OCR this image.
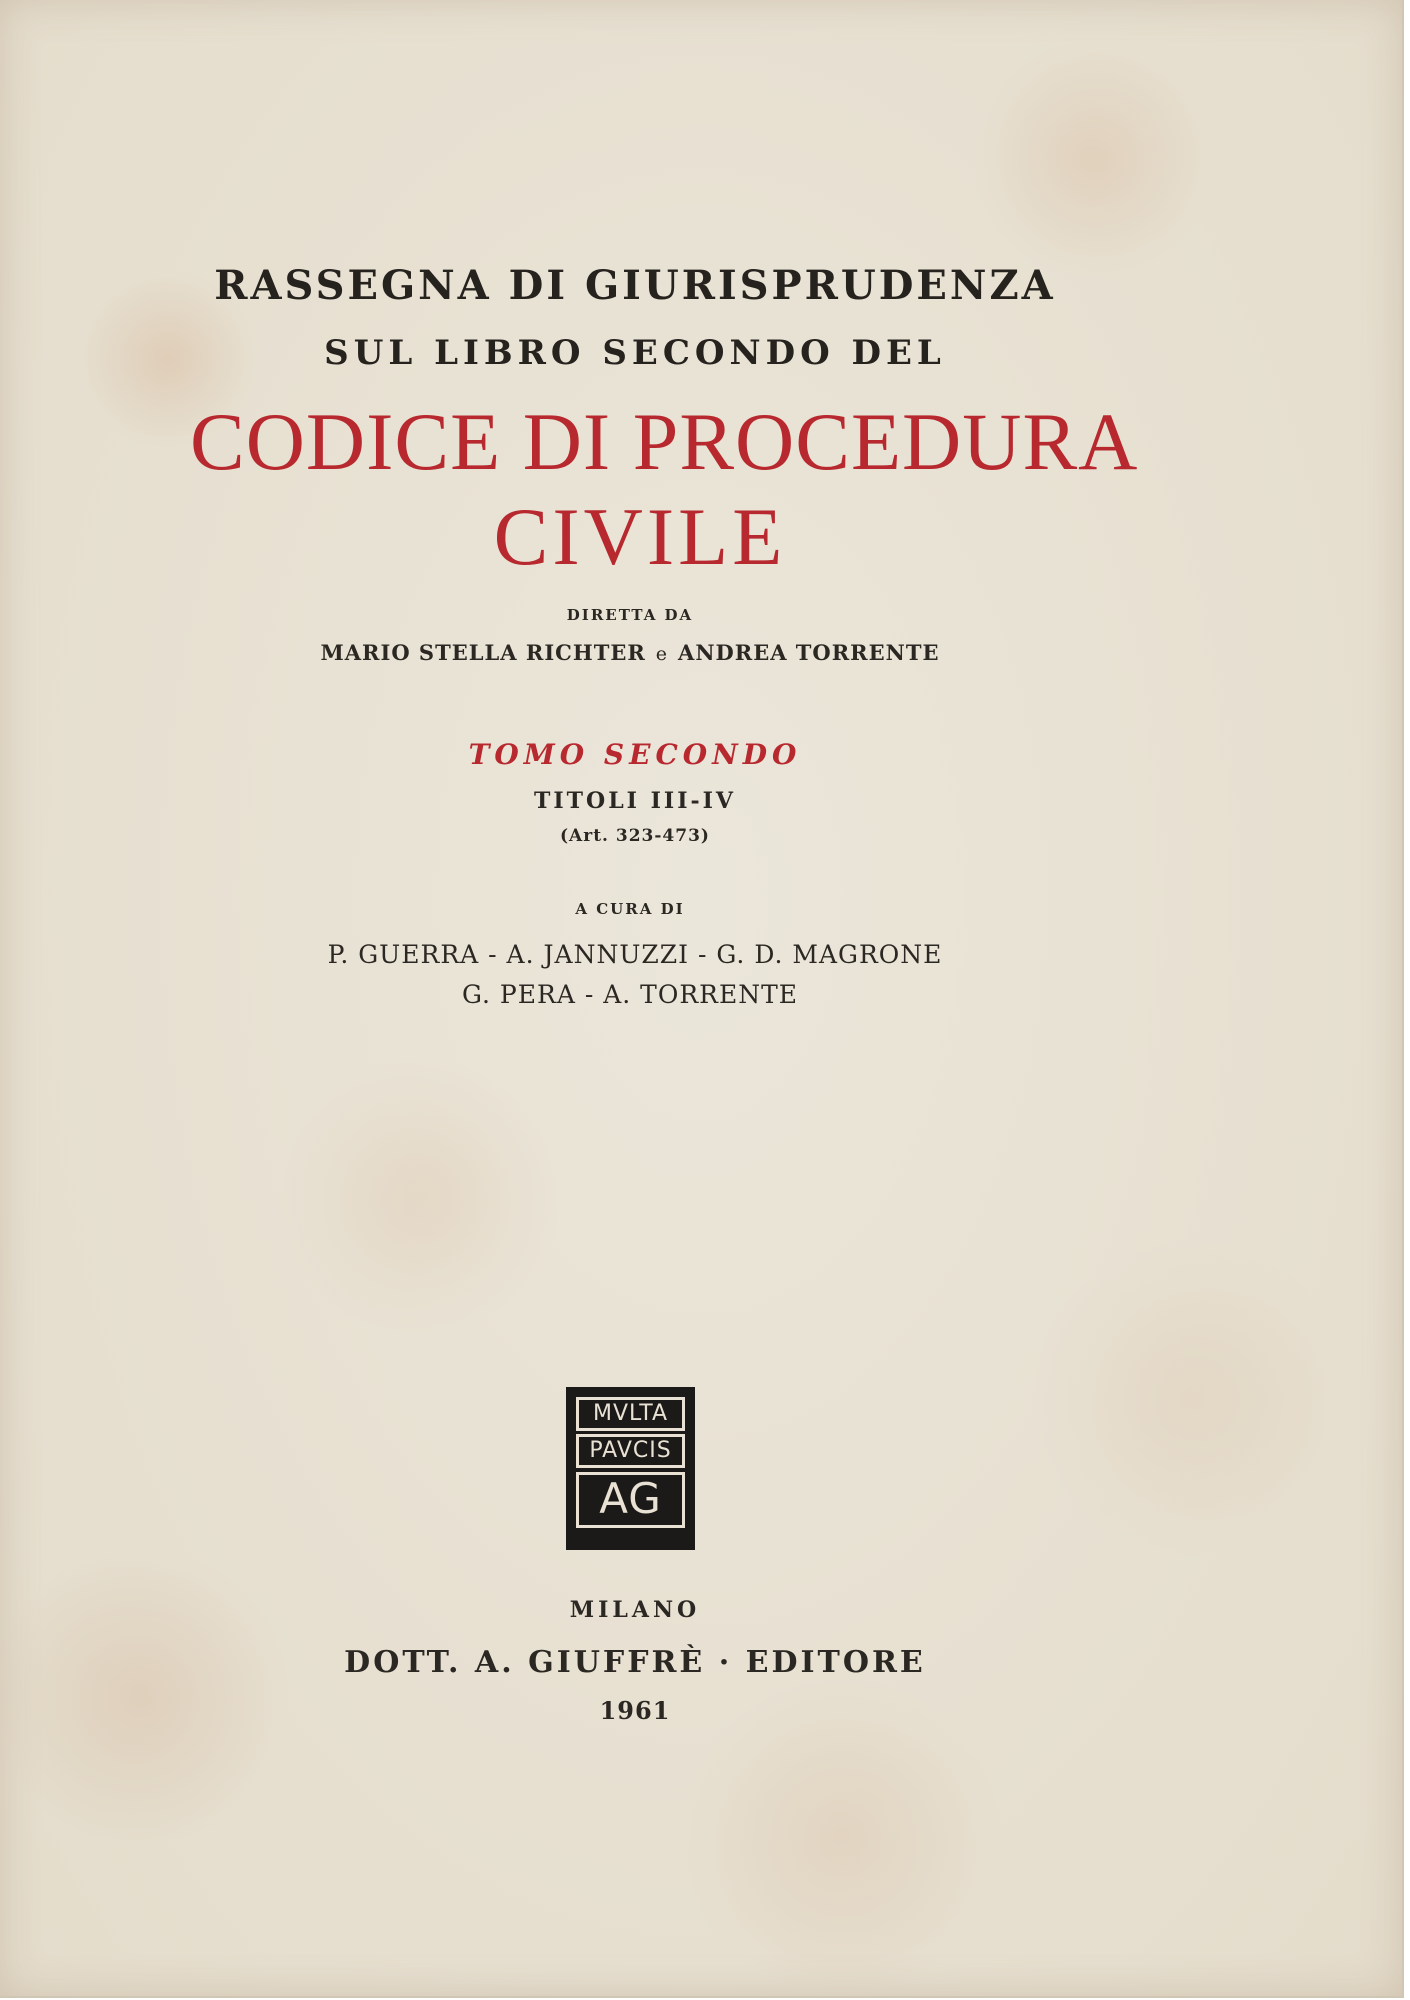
RASSEGNA DI GIURISPRUDENZA
SUL LIBRO SECONDO DEL
CODICE DI PROCEDURA
CIVILE
DIRETTA DA
MARIO STELLA RICHTER e ANDREA TORRENTE
TOMO SECONDO
TITOLI III-IV
(Art. 323-473)
A CURA DI
P. GUERRA - A. JANNUZZI - G. D. MAGRONE
G. PERA - A. TORRENTE
MVLTA
PAVCIS
AG
MILANO
DOTT. A. GIUFFRÈ · EDITORE
1961
